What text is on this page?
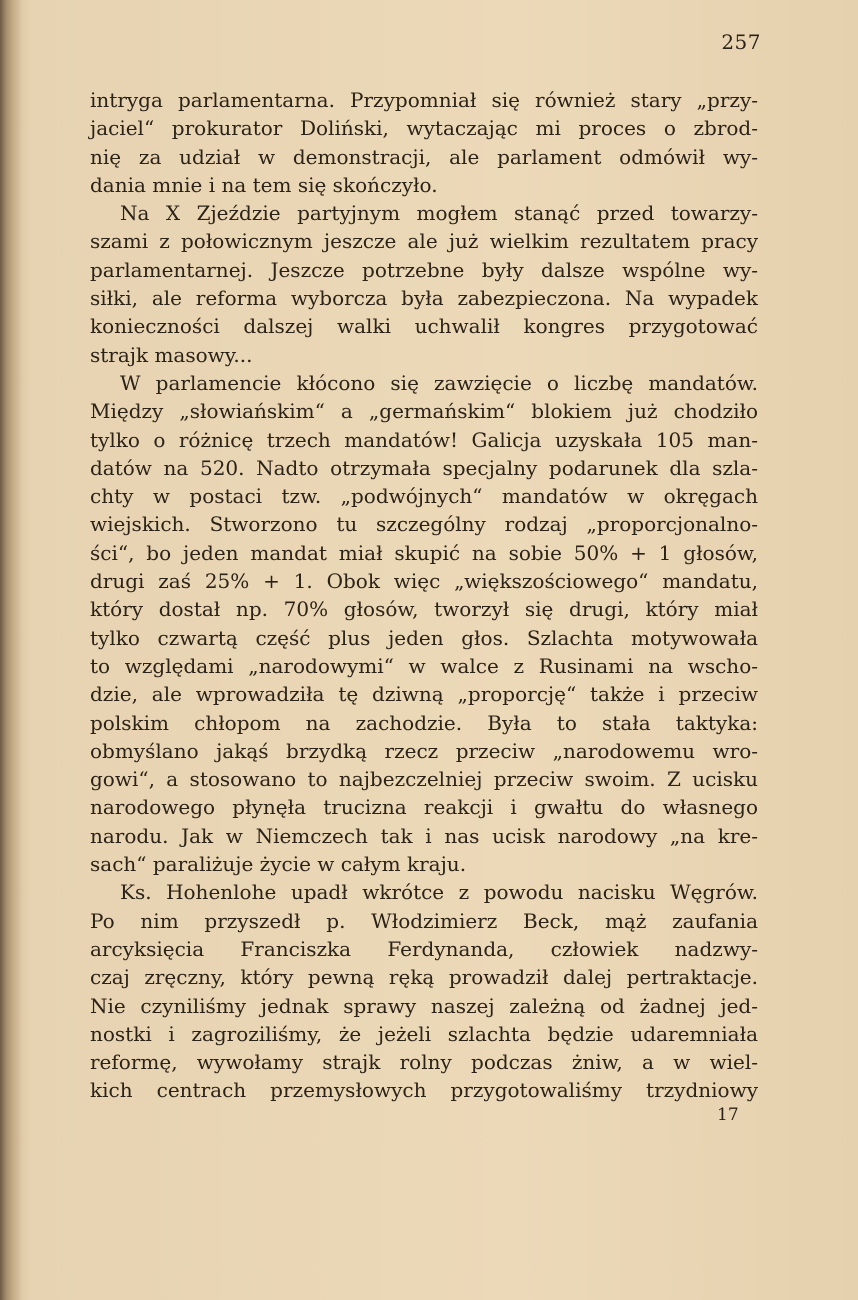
257
intryga parlamentarna. Przypomniał się również stary „przy-
jaciel“ prokurator Doliński, wytaczając mi proces o zbrod-
nię za udział w demonstracji, ale parlament odmówił wy-
dania mnie i na tem się skończyło.
Na X Zjeździe partyjnym mogłem stanąć przed towarzy-
szami z połowicznym jeszcze ale już wielkim rezultatem pracy
parlamentarnej. Jeszcze potrzebne były dalsze wspólne wy-
siłki, ale reforma wyborcza była zabezpieczona. Na wypadek
konieczności dalszej walki uchwalił kongres przygotować
strajk masowy...
W parlamencie kłócono się zawzięcie o liczbę mandatów.
Między „słowiańskim“ a „germańskim“ blokiem już chodziło
tylko o różnicę trzech mandatów! Galicja uzyskała 105 man-
datów na 520. Nadto otrzymała specjalny podarunek dla szla-
chty w postaci tzw. „podwójnych“ mandatów w okręgach
wiejskich. Stworzono tu szczególny rodzaj „proporcjonalno-
ści“, bo jeden mandat miał skupić na sobie 50% + 1 głosów,
drugi zaś 25% + 1. Obok więc „większościowego“ mandatu,
który dostał np. 70% głosów, tworzył się drugi, który miał
tylko czwartą część plus jeden głos. Szlachta motywowała
to względami „narodowymi“ w walce z Rusinami na wscho-
dzie, ale wprowadziła tę dziwną „proporcję“ także i przeciw
polskim chłopom na zachodzie. Była to stała taktyka:
obmyślano jakąś brzydką rzecz przeciw „narodowemu wro-
gowi“, a stosowano to najbezczelniej przeciw swoim. Z ucisku
narodowego płynęła trucizna reakcji i gwałtu do własnego
narodu. Jak w Niemczech tak i nas ucisk narodowy „na kre-
sach“ paraliżuje życie w całym kraju.
Ks. Hohenlohe upadł wkrótce z powodu nacisku Węgrów.
Po nim przyszedł p. Włodzimierz Beck, mąż zaufania
arcyksięcia Franciszka Ferdynanda, człowiek nadzwy-
czaj zręczny, który pewną ręką prowadził dalej pertraktacje.
Nie czyniliśmy jednak sprawy naszej zależną od żadnej jed-
nostki i zagroziliśmy, że jeżeli szlachta będzie udaremniała
reformę, wywołamy strajk rolny podczas żniw, a w wiel-
kich centrach przemysłowych przygotowaliśmy trzydniowy
17
